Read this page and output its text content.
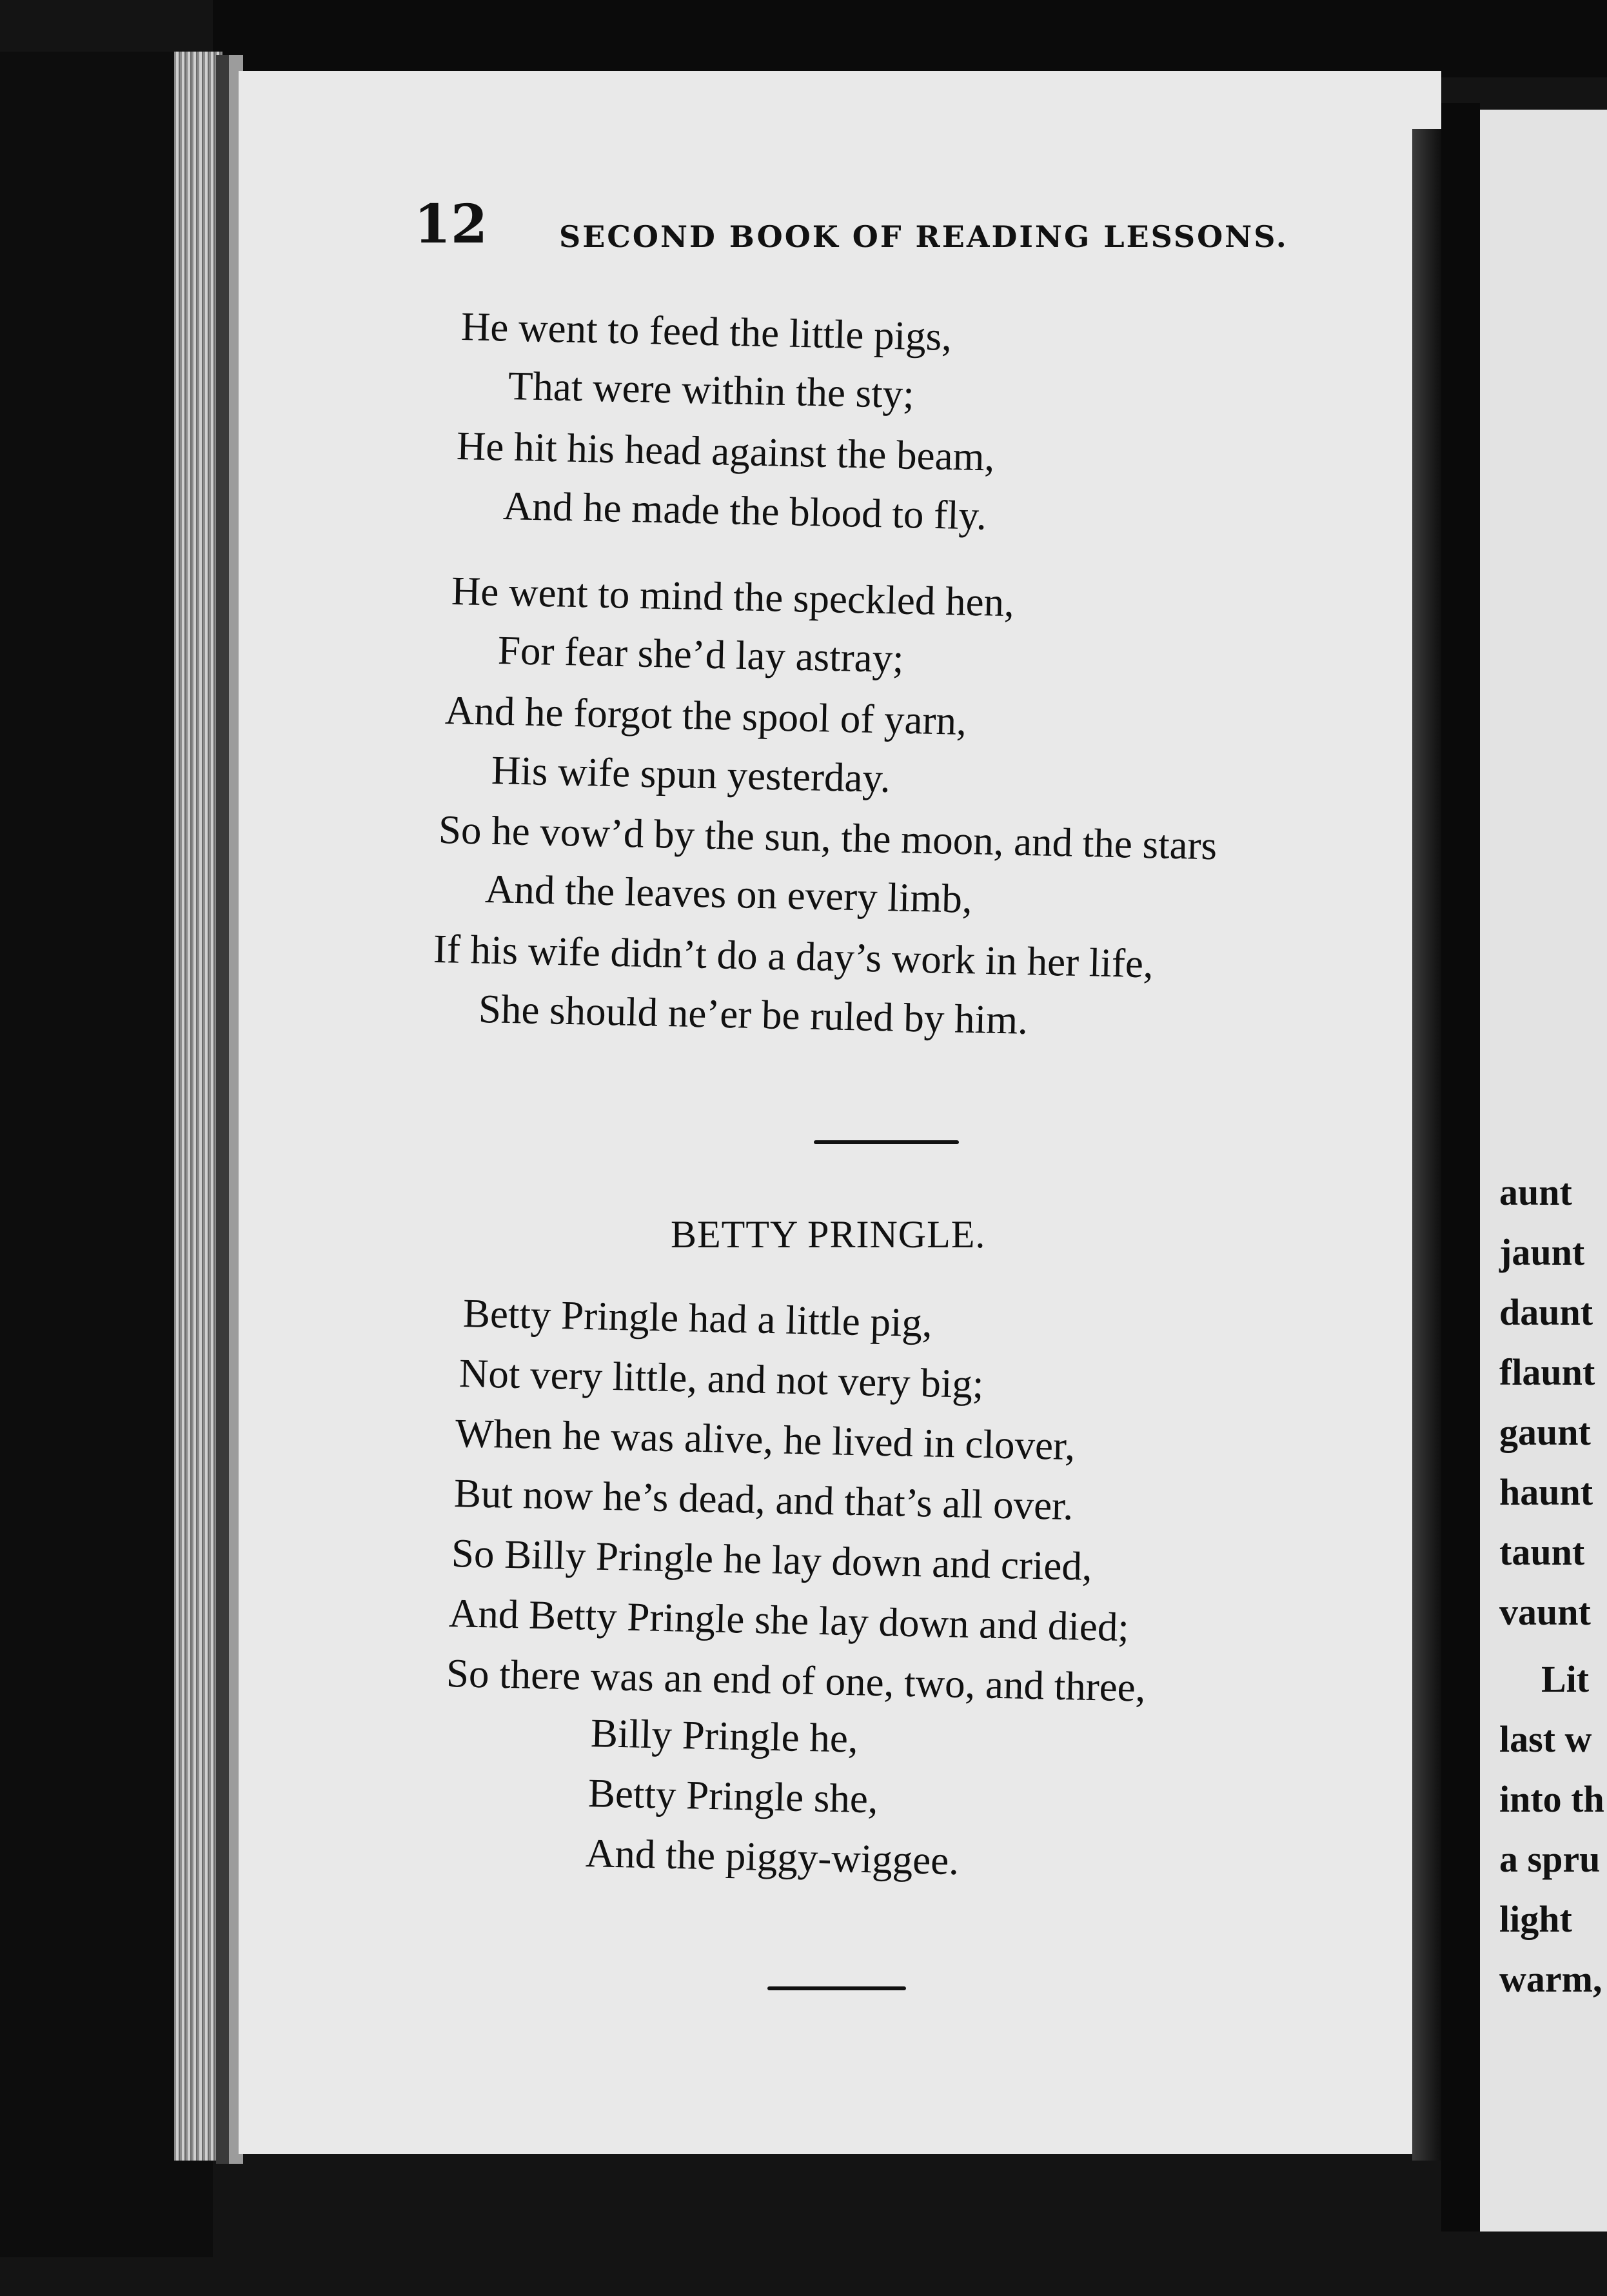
aunt
jaunt
daunt
flaunt
gaunt
haunt
taunt
vaunt
Lit
last w
into th
a spru
light
warm,
12 SECOND BOOK OF READING LESSONS.
He went to feed the little pigs,
That were within the sty;
He hit his head against the beam,
And he made the blood to fly.
He went to mind the speckled hen,
For fear she’d lay astray;
And he forgot the spool of yarn,
His wife spun yesterday.
So he vow’d by the sun, the moon, and the stars
And the leaves on every limb,
If his wife didn’t do a day’s work in her life,
She should ne’er be ruled by him.
BETTY PRINGLE.
Betty Pringle had a little pig,
Not very little, and not very big;
When he was alive, he lived in clover,
But now he’s dead, and that’s all over.
So Billy Pringle he lay down and cried,
And Betty Pringle she lay down and died;
So there was an end of one, two, and three,
Billy Pringle he,
Betty Pringle she,
And the piggy-wiggee.
